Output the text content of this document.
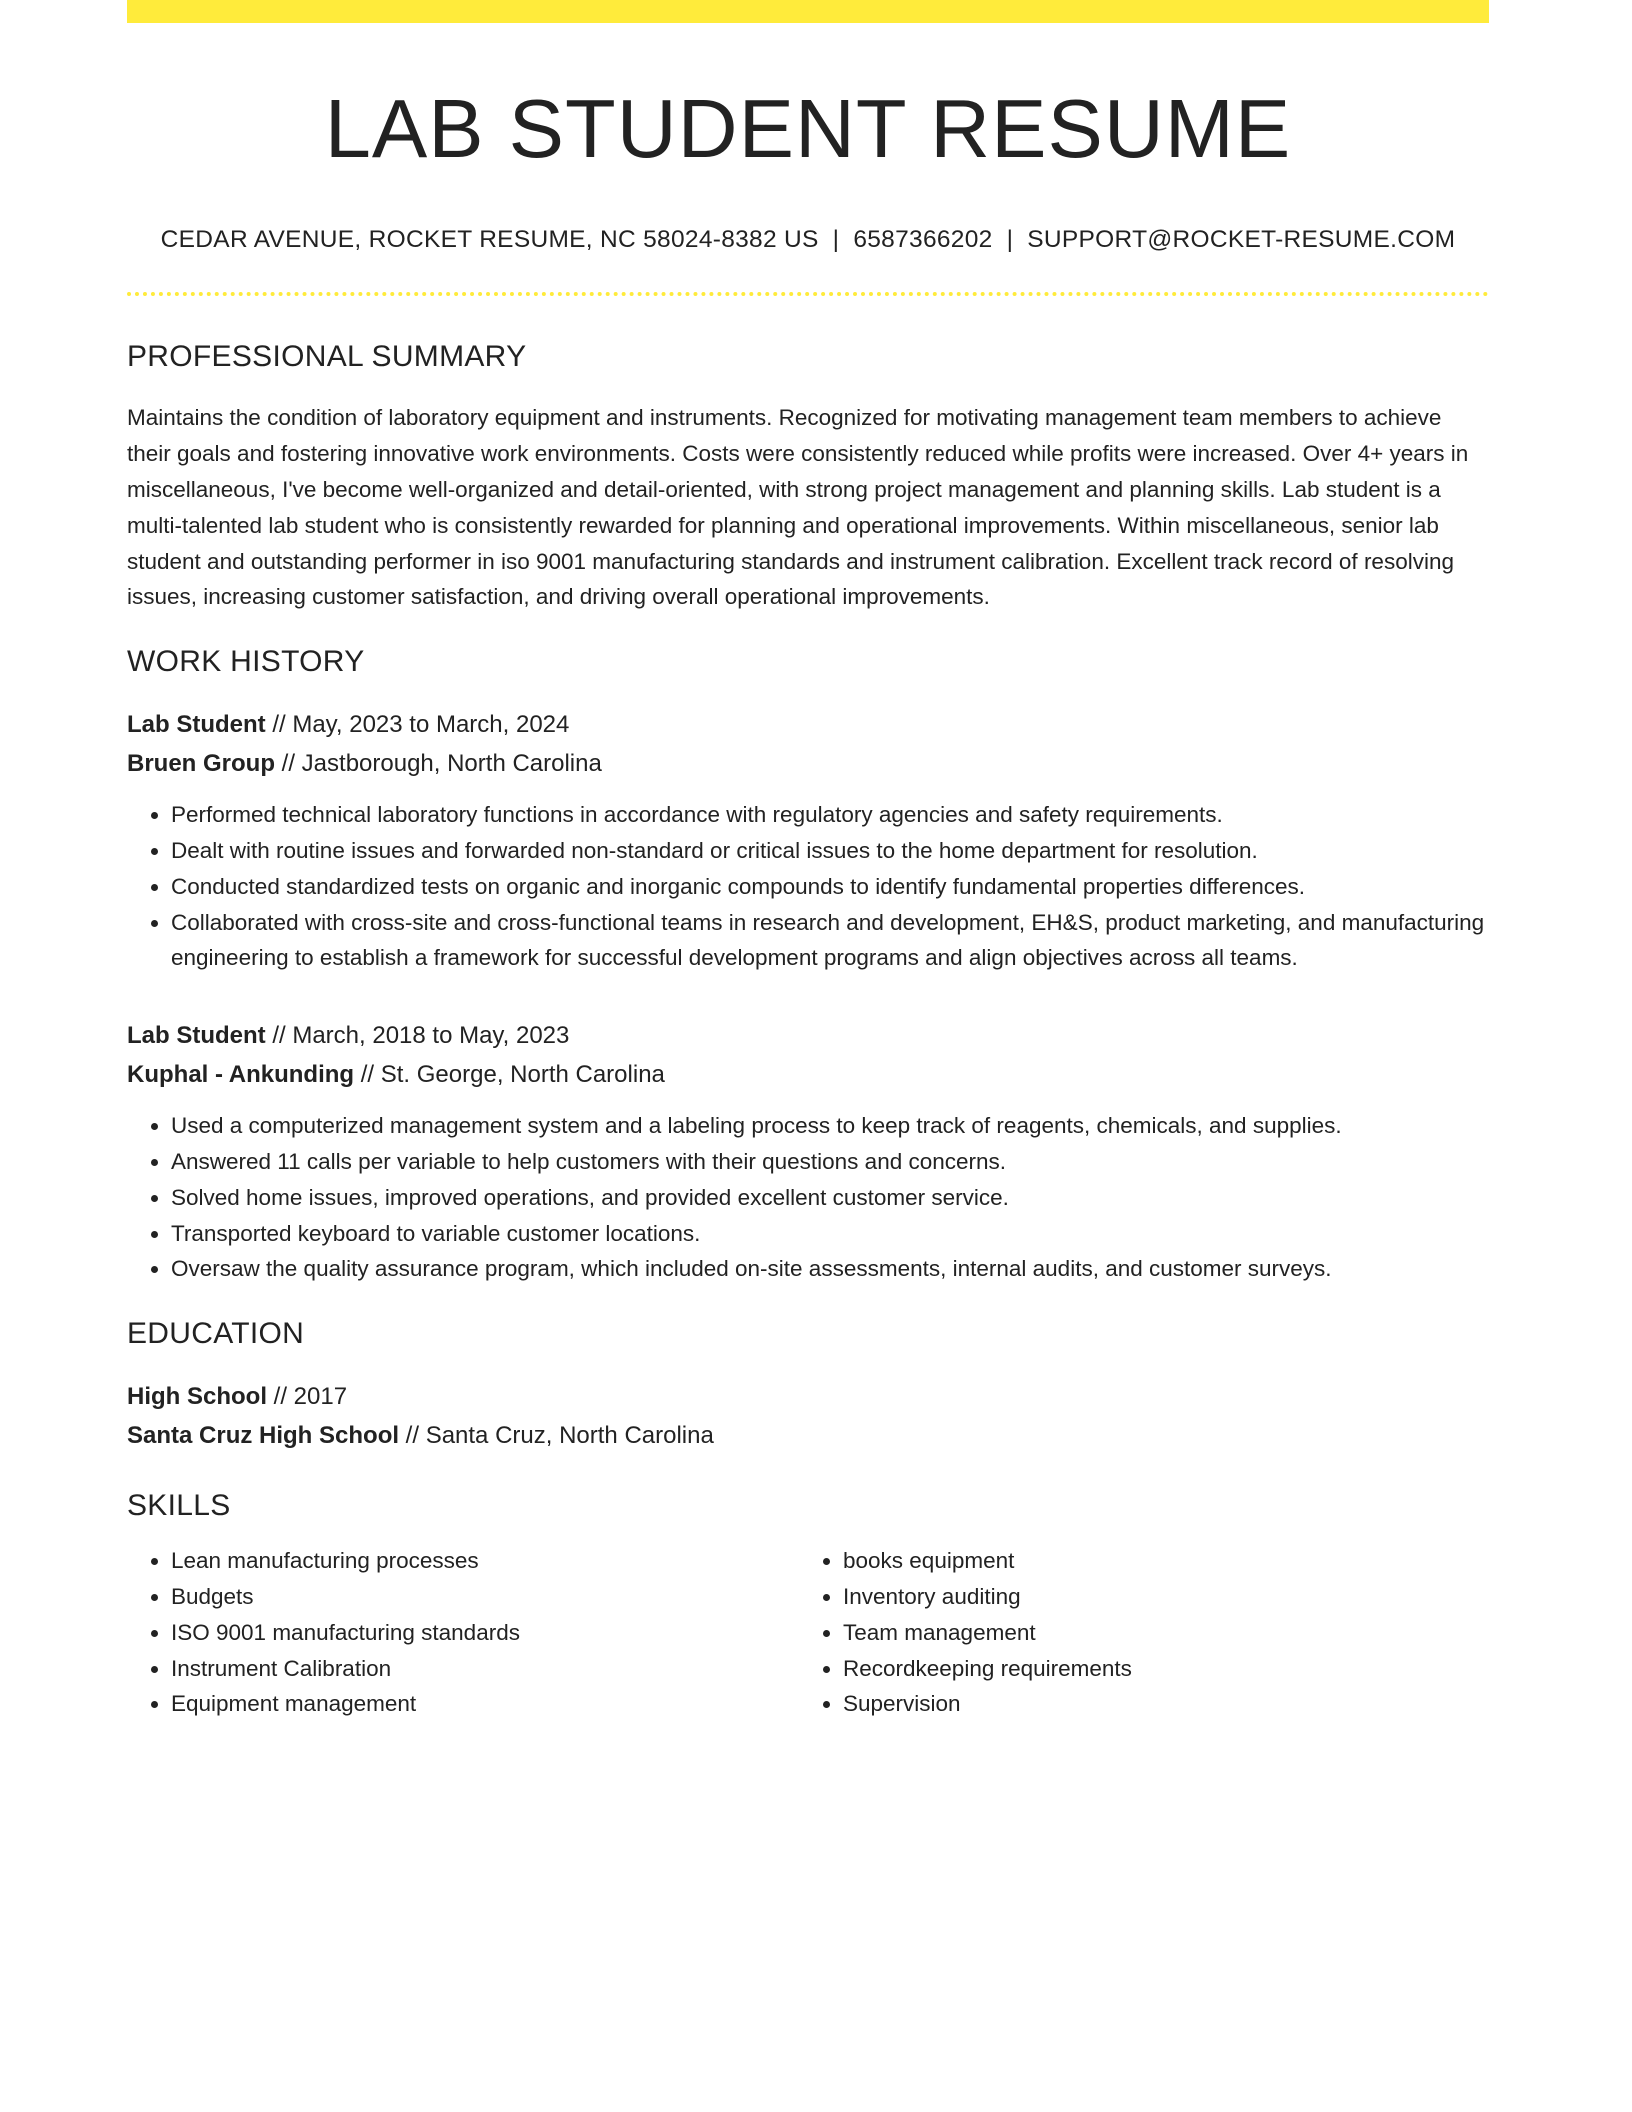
LAB STUDENT RESUME
CEDAR AVENUE, ROCKET RESUME, NC 58024-8382 US | 6587366202 | SUPPORT@ROCKET-RESUME.COM
PROFESSIONAL SUMMARY
Maintains the condition of laboratory equipment and instruments. Recognized for motivating management team members to achieve their goals and fostering innovative work environments. Costs were consistently reduced while profits were increased. Over 4+ years in miscellaneous, I've become well-organized and detail-oriented, with strong project management and planning skills. Lab student is a multi-talented lab student who is consistently rewarded for planning and operational improvements. Within miscellaneous, senior lab student and outstanding performer in iso 9001 manufacturing standards and instrument calibration. Excellent track record of resolving issues, increasing customer satisfaction, and driving overall operational improvements.
WORK HISTORY
Lab Student // May, 2023 to March, 2024
Bruen Group // Jastborough, North Carolina
• Performed technical laboratory functions in accordance with regulatory agencies and safety requirements.
• Dealt with routine issues and forwarded non-standard or critical issues to the home department for resolution.
• Conducted standardized tests on organic and inorganic compounds to identify fundamental properties differences.
• Collaborated with cross-site and cross-functional teams in research and development, EH&S, product marketing, and manufacturing engineering to establish a framework for successful development programs and align objectives across all teams.
Lab Student // March, 2018 to May, 2023
Kuphal - Ankunding // St. George, North Carolina
• Used a computerized management system and a labeling process to keep track of reagents, chemicals, and supplies.
• Answered 11 calls per variable to help customers with their questions and concerns.
• Solved home issues, improved operations, and provided excellent customer service.
• Transported keyboard to variable customer locations.
• Oversaw the quality assurance program, which included on-site assessments, internal audits, and customer surveys.
EDUCATION
High School // 2017
Santa Cruz High School // Santa Cruz, North Carolina
SKILLS
• Lean manufacturing processes
• Budgets
• ISO 9001 manufacturing standards
• Instrument Calibration
• Equipment management
• books equipment
• Inventory auditing
• Team management
• Recordkeeping requirements
• Supervision
